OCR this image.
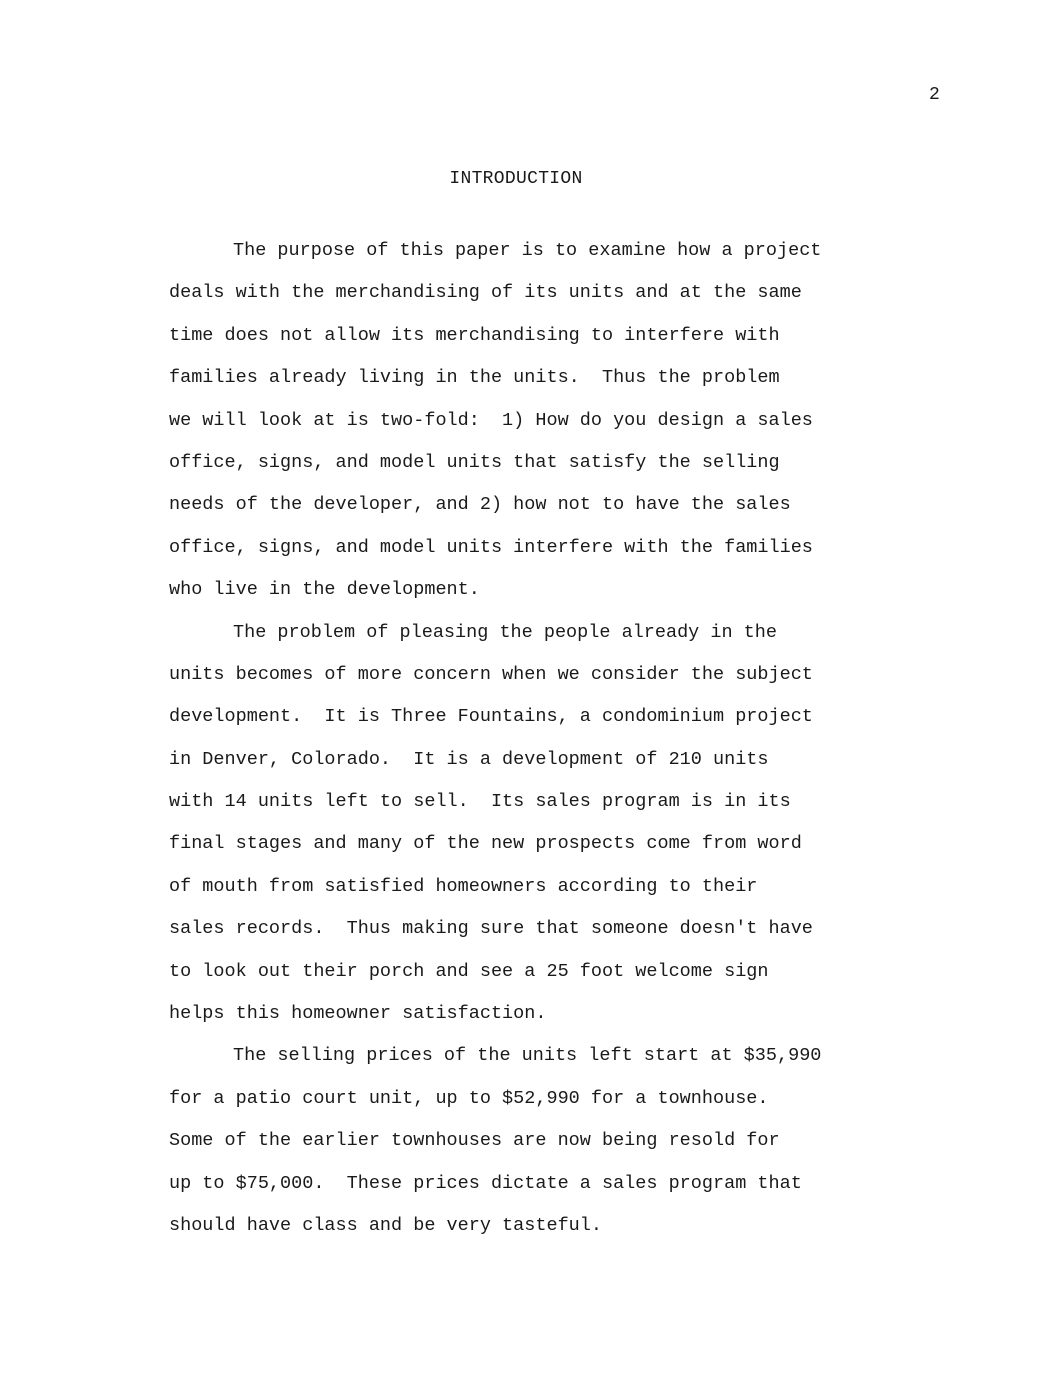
2
INTRODUCTION
The purpose of this paper is to examine how a project
deals with the merchandising of its units and at the same
time does not allow its merchandising to interfere with
families already living in the units.  Thus the problem
we will look at is two-fold:  1) How do you design a sales
office, signs, and model units that satisfy the selling
needs of the developer, and 2) how not to have the sales
office, signs, and model units interfere with the families
who live in the development.
The problem of pleasing the people already in the
units becomes of more concern when we consider the subject
development.  It is Three Fountains, a condominium project
in Denver, Colorado.  It is a development of 210 units
with 14 units left to sell.  Its sales program is in its
final stages and many of the new prospects come from word
of mouth from satisfied homeowners according to their
sales records.  Thus making sure that someone doesn't have
to look out their porch and see a 25 foot welcome sign
helps this homeowner satisfaction.
The selling prices of the units left start at $35,990
for a patio court unit, up to $52,990 for a townhouse.
Some of the earlier townhouses are now being resold for
up to $75,000.  These prices dictate a sales program that
should have class and be very tasteful.
